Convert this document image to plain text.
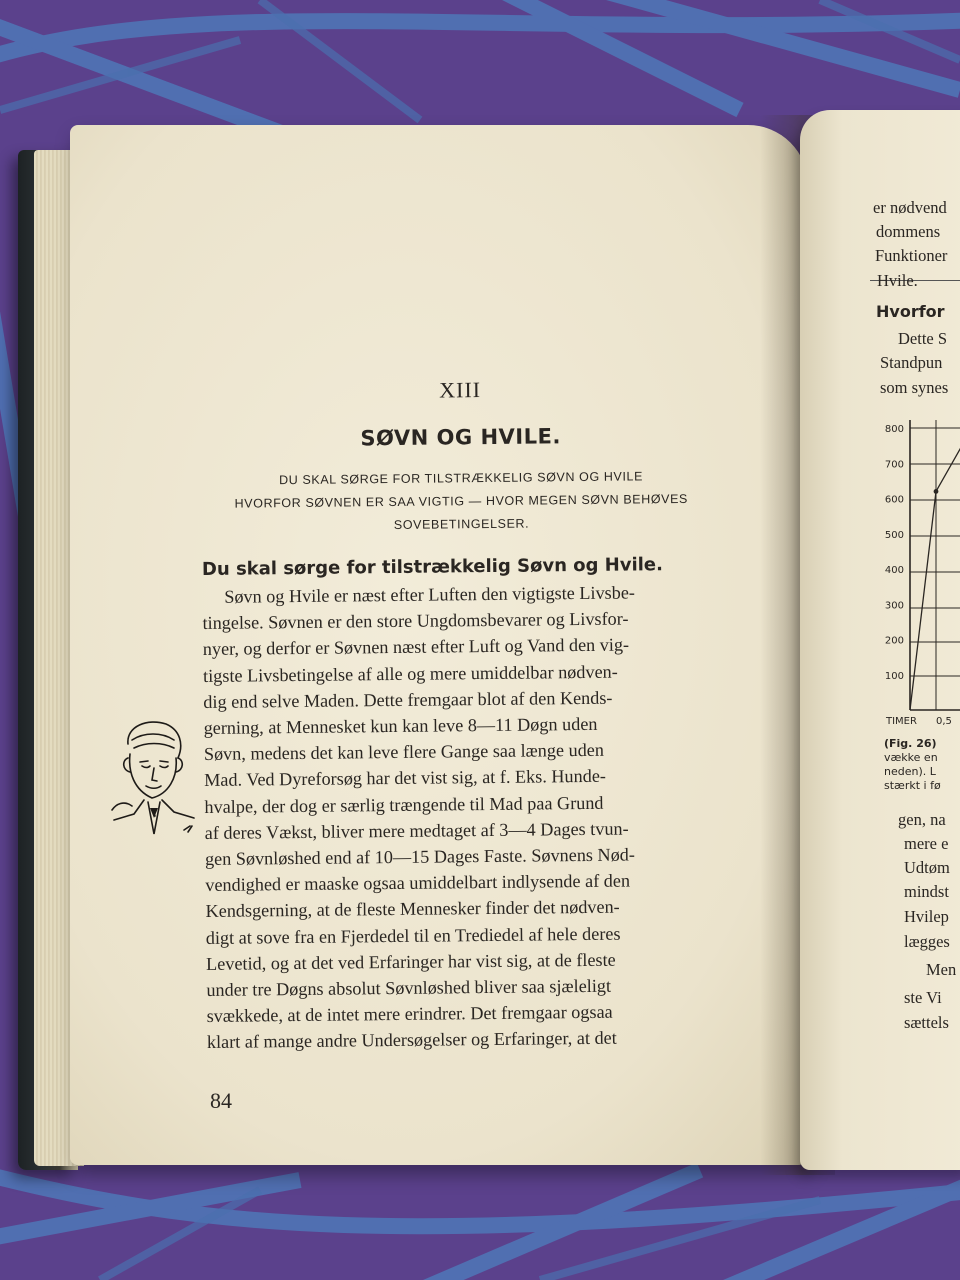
XIII
SØVN OG HVILE.
DU SKAL SØRGE FOR TILSTRÆKKELIG SØVN OG HVILE
HVORFOR SØVNEN ER SAA VIGTIG — HVOR MEGEN SØVN BEHØVES
SOVEBETINGELSER.
Du skal sørge for tilstrækkelig Søvn og Hvile.
Søvn og Hvile er næst efter Luften den vigtigste Livsbe-
tingelse. Søvnen er den store Ungdomsbevarer og Livsfor-
nyer, og derfor er Søvnen næst efter Luft og Vand den vig-
tigste Livsbetingelse af alle og mere umiddelbar nødven-
dig end selve Maden. Dette fremgaar blot af den Kends-
gerning, at Mennesket kun kan leve 8—11 Døgn uden
Søvn, medens det kan leve flere Gange saa længe uden
Mad. Ved Dyreforsøg har det vist sig, at f. Eks. Hunde-
hvalpe, der dog er særlig trængende til Mad paa Grund
af deres Vækst, bliver mere medtaget af 3—4 Dages tvun-
gen Søvnløshed end af 10—15 Dages Faste. Søvnens Nød-
vendighed er maaske ogsaa umiddelbart indlysende af den
Kendsgerning, at de fleste Mennesker finder det nødven-
digt at sove fra en Fjerdedel til en Trediedel af hele deres
Levetid, og at det ved Erfaringer har vist sig, at de fleste
under tre Døgns absolut Søvnløshed bliver saa sjæleligt
svækkede, at de intet mere erindrer. Det fremgaar ogsaa
klart af mange andre Undersøgelser og Erfaringer, at det
84
er nødvend
dommens
Funktioner
Hvile.
Hvorfor
Dette S
Standpun
som synes
100
200
300
400
500
600
700
800
TIMER 0,5
(Fig. 26)
vække en
neden). L
stærkt i fø
gen, na
mere e
Udtøm
mindst
Hvilep
lægges
Men
ste Vi
sættels
